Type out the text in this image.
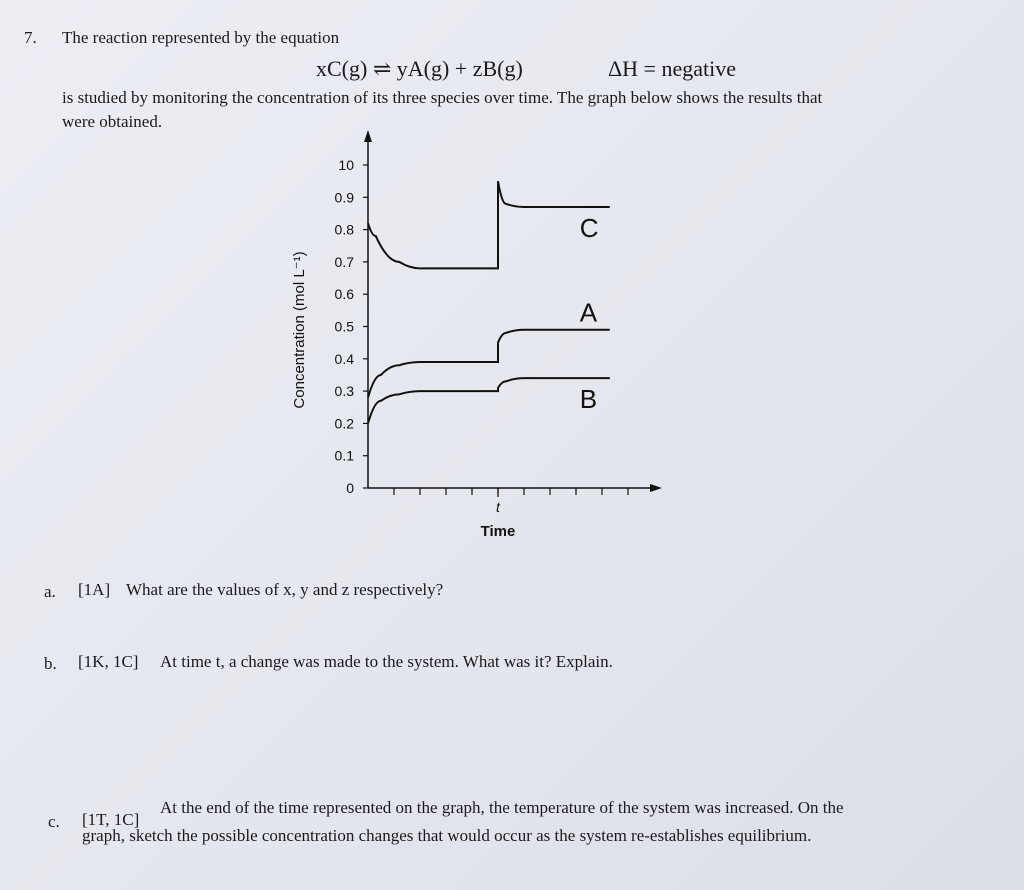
7. The reaction represented by the equation
xC(g) ⇌ yA(g) + zB(g)	ΔH = negative
is studied by monitoring the concentration of its three species over time. The graph below shows the results that
were obtained.
10
0.9
0.8
0.7
0.6
0.5
0.4
0.3
0.2
0.1
0
C
A
B
Concentration (mol L⁻¹)
Time
t
a. [1A] What are the values of x, y and z respectively?
b. [1K, 1C] At time t, a change was made to the system. What was it? Explain.
c. [1T, 1C]
At the end of the time represented on the graph, the temperature of the system was increased. On the
graph, sketch the possible concentration changes that would occur as the system re-establishes equilibrium.
